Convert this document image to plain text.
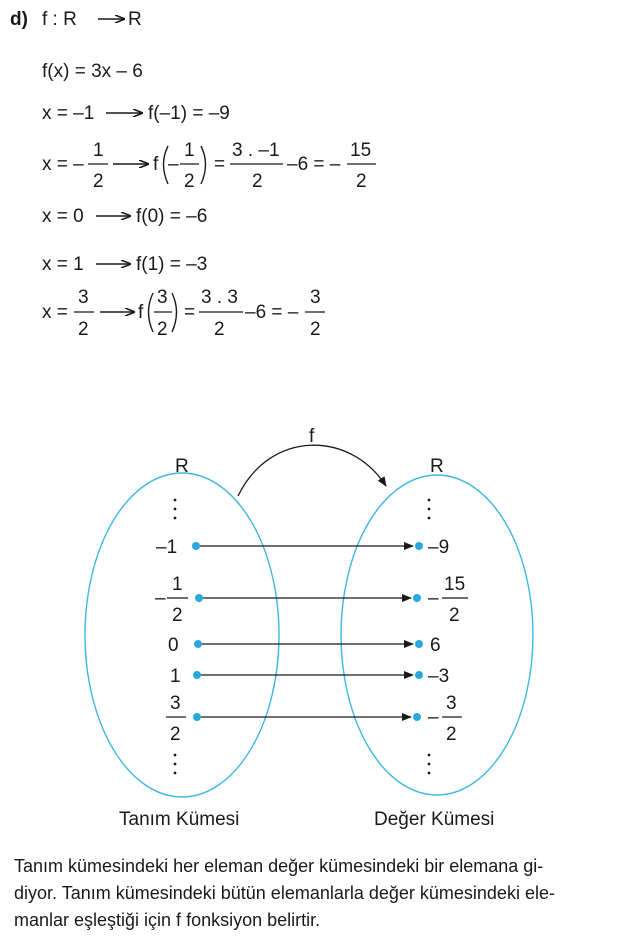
d) f : R	R
f(x) = 3x – 6
x = –1	f(–1) = –9
x = –
1
2
f –
1
2
=
3 . –1
2
–6 = –
15
2
x = 0	f(0) = –6
x = 1	f(1) = –3
x =
3
2
f
3
2
=
3 . 3
2
–6 = –
3
2
f
R	R
–1	–9
–
1
2
–
15
2
0	6
1	–3
3
2
–
3
2
Tanım Kümesi	Değer Kümesi

Tanım kümesindeki her eleman değer kümesindeki bir elemana gi-
diyor. Tanım kümesindeki bütün elemanlarla değer kümesindeki ele-
manlar eşleştiği için f fonksiyon belirtir.
